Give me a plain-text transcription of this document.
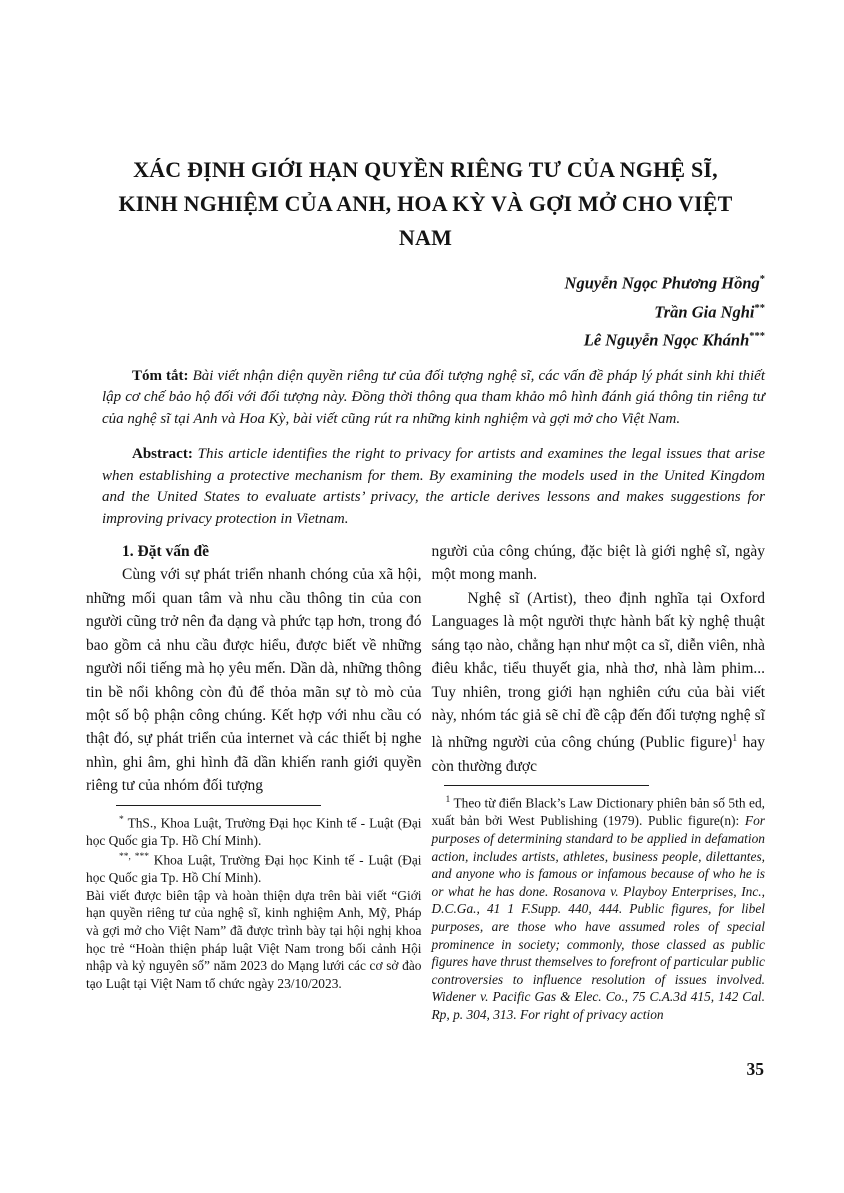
XÁC ĐỊNH GIỚI HẠN QUYỀN RIÊNG TƯ CỦA NGHỆ SĨ, KINH NGHIỆM CỦA ANH, HOA KỲ VÀ GỢI MỞ CHO VIỆT NAM
Nguyễn Ngọc Phương Hồng*
Trần Gia Nghi**
Lê Nguyễn Ngọc Khánh***

Tóm tắt: Bài viết nhận diện quyền riêng tư của đối tượng nghệ sĩ, các vấn đề pháp lý phát sinh khi thiết lập cơ chế bảo hộ đối với đối tượng này. Đồng thời thông qua tham khảo mô hình đánh giá thông tin riêng tư của nghệ sĩ tại Anh và Hoa Kỳ, bài viết cũng rút ra những kinh nghiệm và gợi mở cho Việt Nam.

Abstract: This article identifies the right to privacy for artists and examines the legal issues that arise when establishing a protective mechanism for them. By examining the models used in the United Kingdom and the United States to evaluate artists’ privacy, the article derives lessons and makes suggestions for improving privacy protection in Vietnam.

1. Đặt vấn đề

Cùng với sự phát triển nhanh chóng của xã hội, những mối quan tâm và nhu cầu thông tin của con người cũng trở nên đa dạng và phức tạp hơn, trong đó bao gồm cả nhu cầu được hiểu, được biết về những người nổi tiếng mà họ yêu mến. Dần dà, những thông tin bề nổi không còn đủ để thỏa mãn sự tò mò của một số bộ phận công chúng. Kết hợp với nhu cầu có thật đó, sự phát triển của internet và các thiết bị nghe nhìn, ghi âm, ghi hình đã dần khiến ranh giới quyền riêng tư của nhóm đối tượng

* ThS., Khoa Luật, Trường Đại học Kinh tế - Luật (Đại học Quốc gia Tp. Hồ Chí Minh).

**, *** Khoa Luật, Trường Đại học Kinh tế - Luật (Đại học Quốc gia Tp. Hồ Chí Minh).

Bài viết được biên tập và hoàn thiện dựa trên bài viết “Giới hạn quyền riêng tư của nghệ sĩ, kinh nghiệm Anh, Mỹ, Pháp và gợi mở cho Việt Nam” đã được trình bày tại hội nghị khoa học trẻ “Hoàn thiện pháp luật Việt Nam trong bối cảnh Hội nhập và kỷ nguyên số” năm 2023 do Mạng lưới các cơ sở đào tạo Luật tại Việt Nam tổ chức ngày 23/10/2023.

người của công chúng, đặc biệt là giới nghệ sĩ, ngày một mong manh.

Nghệ sĩ (Artist), theo định nghĩa tại Oxford Languages là một người thực hành bất kỳ nghệ thuật sáng tạo nào, chẳng hạn như một ca sĩ, diễn viên, nhà điêu khắc, tiểu thuyết gia, nhà thơ, nhà làm phim... Tuy nhiên, trong giới hạn nghiên cứu của bài viết này, nhóm tác giả sẽ chỉ đề cập đến đối tượng nghệ sĩ là những người của công chúng (Public figure)$^1$ hay còn thường được

$^1$ Theo từ điển Black’s Law Dictionary phiên bản số 5th ed, xuất bản bởi West Publishing (1979). Public figure(n): For purposes of determining standard to be applied in defamation action, includes artists, athletes, business people, dilettantes, and anyone who is famous or infamous because of who he is or what he has done. Rosanova v. Playboy Enterprises, Inc., D.C.Ga., 41 1 F.Supp. 440, 444. Public figures, for libel purposes, are those who have assumed roles of special prominence in society; commonly, those classed as public figures have thrust themselves to forefront of particular public controversies to influence resolution of issues involved. Widener v. Pacific Gas & Elec. Co., 75 C.A.3d 415, 142 Cal. Rp, p. 304, 313. For right of privacy action

35
